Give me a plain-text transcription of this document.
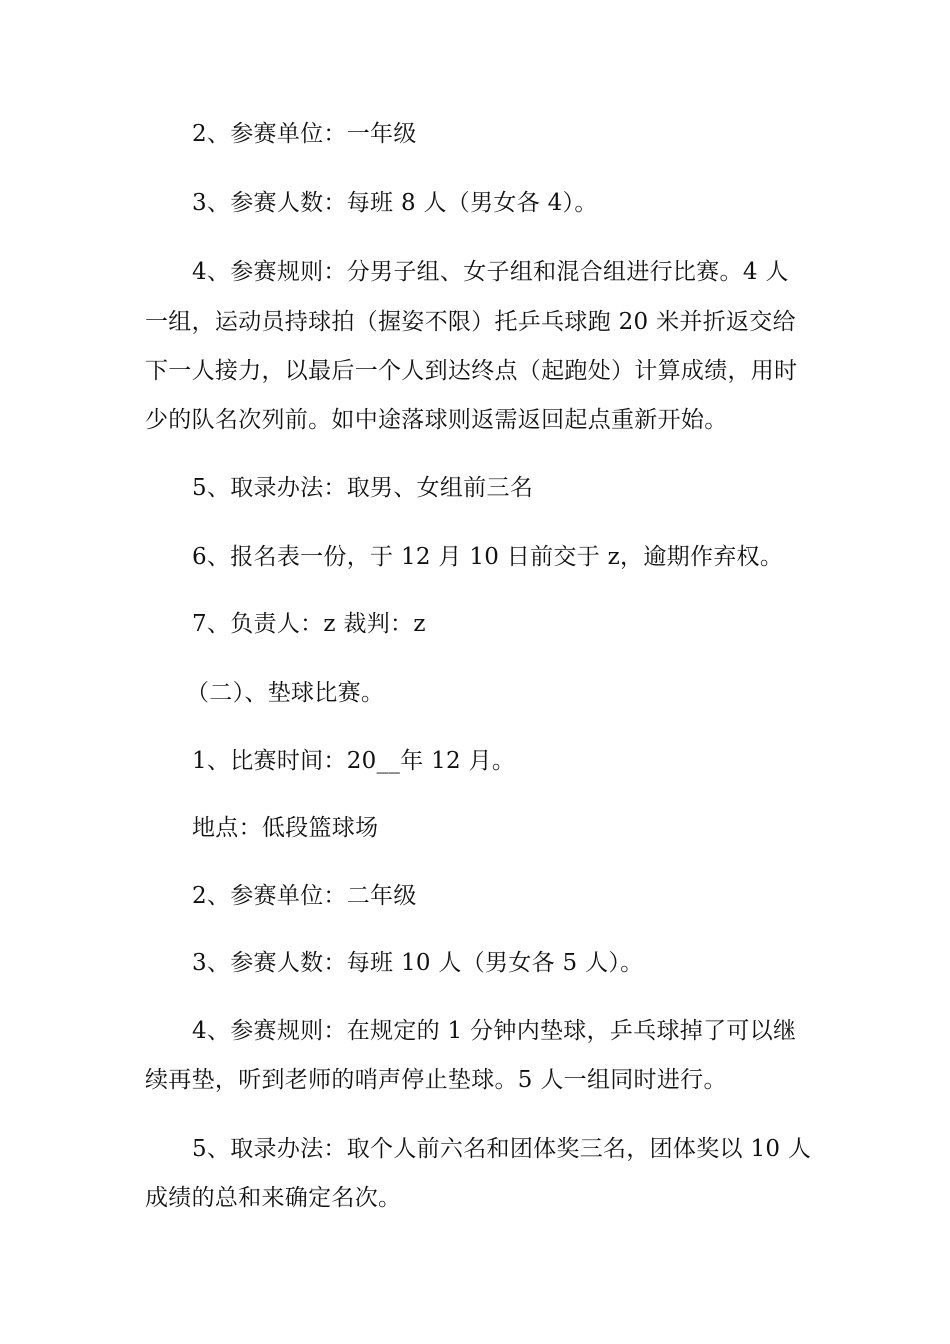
2、参赛单位：一年级
3、参赛人数：每班 8 人（男女各 4）。
4、参赛规则：分男子组、女子组和混合组进行比赛。4 人
一组，运动员持球拍（握姿不限）托乒乓球跑 20 米并折返交给
下一人接力，以最后一个人到达终点（起跑处）计算成绩，用时
少的队名次列前。如中途落球则返需返回起点重新开始。
5、取录办法：取男、女组前三名
6、报名表一份，于 12 月 10 日前交于 z，逾期作弃权。
7、负责人：z 裁判：z
（二）、垫球比赛。
1、比赛时间：20__年 12 月。
地点：低段篮球场
2、参赛单位：二年级
3、参赛人数：每班 10 人（男女各 5 人）。
4、参赛规则：在规定的 1 分钟内垫球，乒乓球掉了可以继
续再垫，听到老师的哨声停止垫球。5 人一组同时进行。
5、取录办法：取个人前六名和团体奖三名，团体奖以 10 人
成绩的总和来确定名次。
